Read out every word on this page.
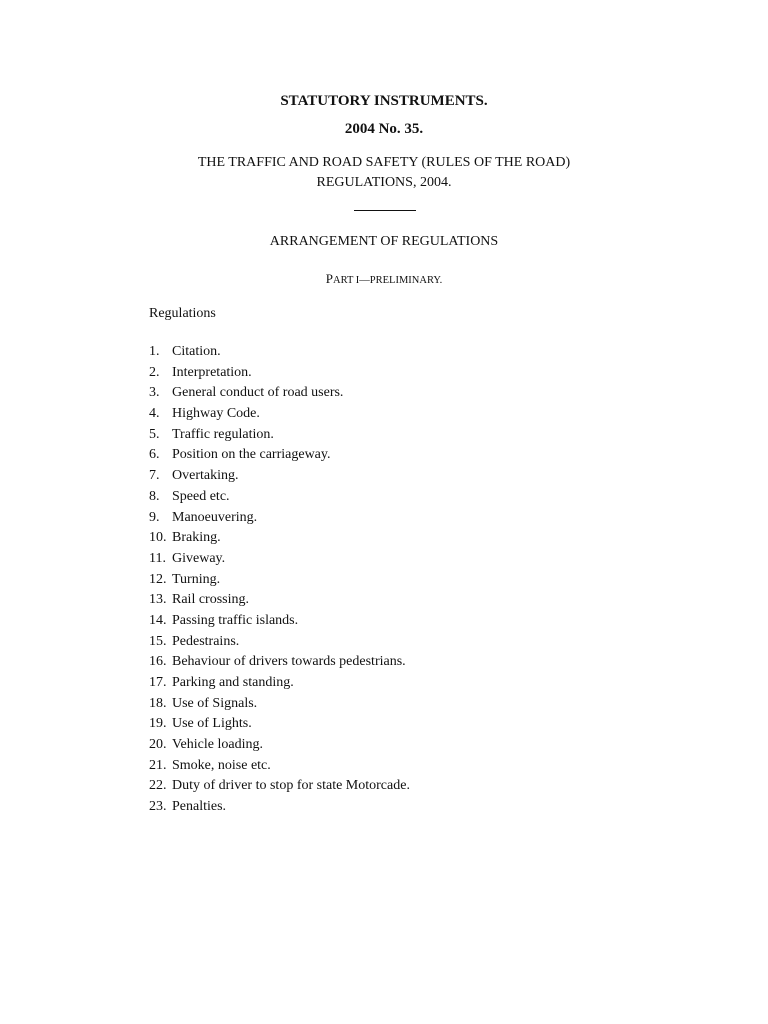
STATUTORY INSTRUMENTS.
2004 No. 35.
THE TRAFFIC AND ROAD SAFETY (RULES OF THE ROAD)
REGULATIONS, 2004.
ARRANGEMENT OF REGULATIONS
PART I—PRELIMINARY.
Regulations
1. Citation.
2. Interpretation.
3. General conduct of road users.
4. Highway Code.
5. Traffic regulation.
6. Position on the carriageway.
7. Overtaking.
8. Speed etc.
9. Manoeuvering.
10. Braking.
11. Giveway.
12. Turning.
13. Rail crossing.
14. Passing traffic islands.
15. Pedestrains.
16. Behaviour of drivers towards pedestrians.
17. Parking and standing.
18. Use of Signals.
19. Use of Lights.
20. Vehicle loading.
21. Smoke, noise etc.
22. Duty of driver to stop for state Motorcade.
23. Penalties.
